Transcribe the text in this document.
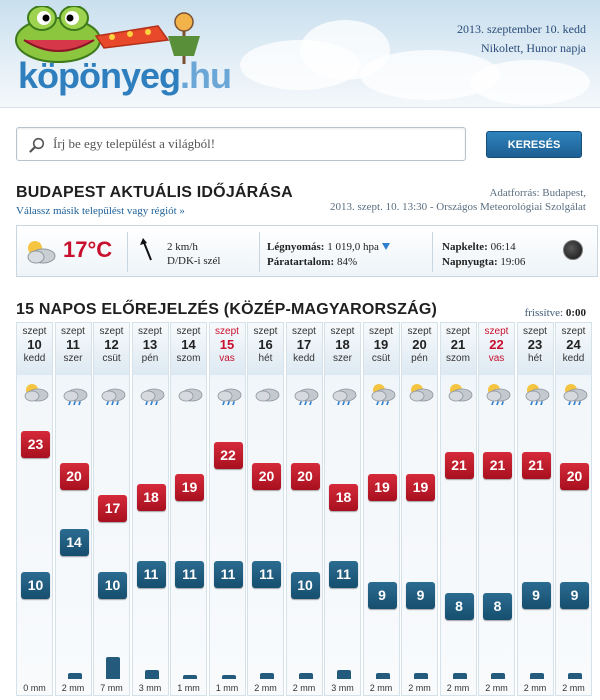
köpönyeg.hu
2013. szeptember 10. kedd
Nikolett, Hunor napja
Írj be egy települést a világból!
KERESÉS
BUDAPEST AKTUÁLIS IDŐJÁRÁSA
Válassz másik települést vagy régiót »
Adatforrás: Budapest,
2013. szept. 10. 13:30 - Országos Meteorológiai Szolgálat
17°C	2 km/h
D/DK-i szél
Légnyomás: 1 019,0 hpa
Páratartalom: 84%
Napkelte: 06:14
Napnyugta: 19:06
15 NAPOS ELŐREJELZÉS (KÖZÉP-MAGYARORSZÁG)	frissítve: 0:00
szept
10
kedd
23
10
0 mm
szept
11
szer
20
14
2 mm
szept
12
csüt
17
10
7 mm
szept
13
pén
18
11
3 mm
szept
14
szom
19
11
1 mm
szept
15
vas
22
11
1 mm
szept
16
hét
20
11
2 mm
szept
17
kedd
20
10
2 mm
szept
18
szer
18
11
3 mm
szept
19
csüt
19
9
2 mm
szept
20
pén
19
9
2 mm
szept
21
szom
21
8
2 mm
szept
22
vas
21
8
2 mm
szept
23
hét
21
9
2 mm
szept
24
kedd
20
9
2 mm
